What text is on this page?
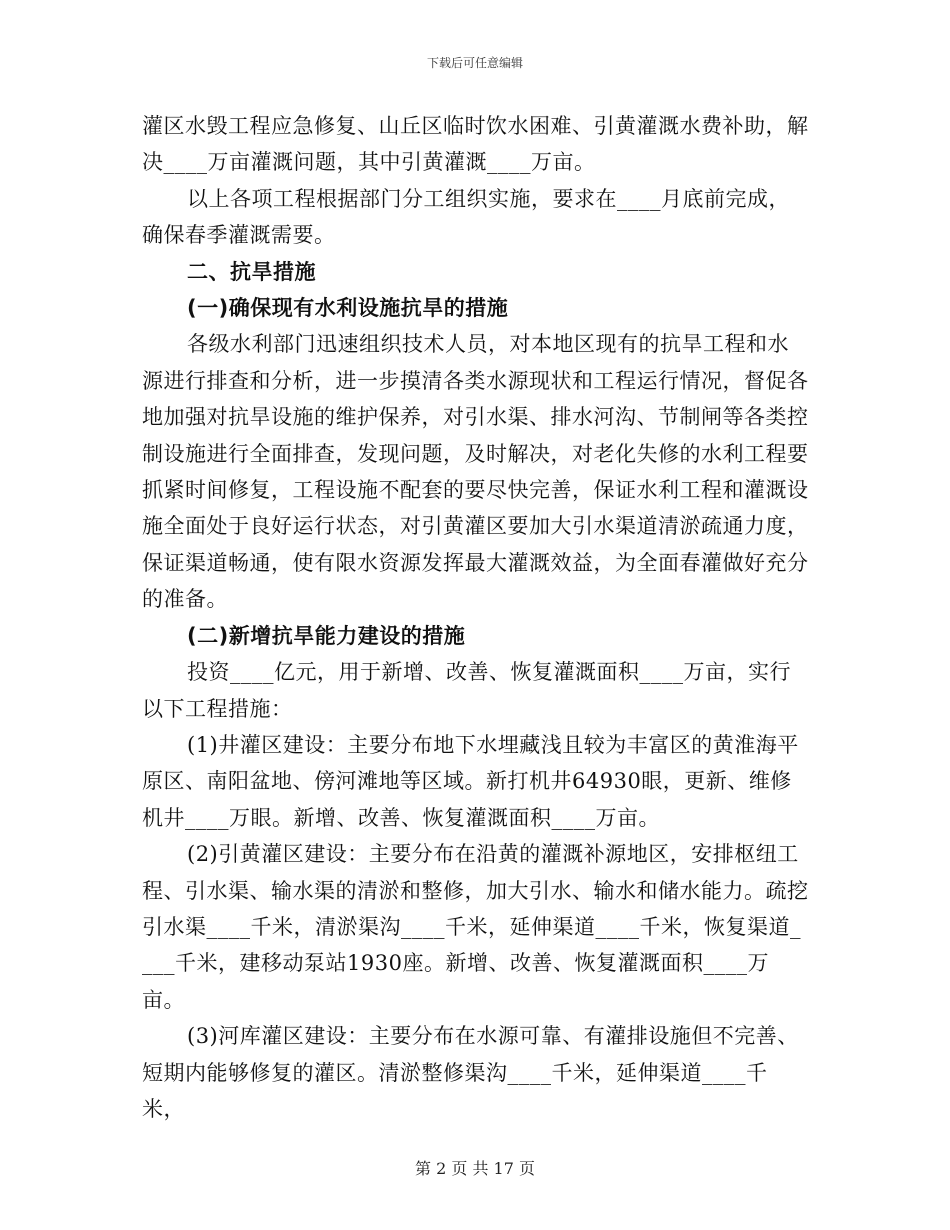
下载后可任意编辑

灌区水毁工程应急修复、山丘区临时饮水困难、引黄灌溉水费补助，解决____万亩灌溉问题，其中引黄灌溉____万亩。

以上各项工程根据部门分工组织实施，要求在____月底前完成，确保春季灌溉需要。

二、抗旱措施

(一)确保现有水利设施抗旱的措施

各级水利部门迅速组织技术人员，对本地区现有的抗旱工程和水源进行排查和分析，进一步摸清各类水源现状和工程运行情况，督促各地加强对抗旱设施的维护保养，对引水渠、排水河沟、节制闸等各类控制设施进行全面排查，发现问题，及时解决，对老化失修的水利工程要抓紧时间修复，工程设施不配套的要尽快完善，保证水利工程和灌溉设施全面处于良好运行状态，对引黄灌区要加大引水渠道清淤疏通力度，保证渠道畅通，使有限水资源发挥最大灌溉效益，为全面春灌做好充分的准备。

(二)新增抗旱能力建设的措施

投资____亿元，用于新增、改善、恢复灌溉面积____万亩，实行以下工程措施：

(1)井灌区建设：主要分布地下水埋藏浅且较为丰富区的黄淮海平原区、南阳盆地、傍河滩地等区域。新打机井64930眼，更新、维修机井____万眼。新增、改善、恢复灌溉面积____万亩。

(2)引黄灌区建设：主要分布在沿黄的灌溉补源地区，安排枢纽工程、引水渠、输水渠的清淤和整修，加大引水、输水和储水能力。疏挖引水渠____千米，清淤渠沟____千米，延伸渠道____千米，恢复渠道____千米，建移动泵站1930座。新增、改善、恢复灌溉面积____万亩。

(3)河库灌区建设：主要分布在水源可靠、有灌排设施但不完善、短期内能够修复的灌区。清淤整修渠沟____千米，延伸渠道____千米，

第 2 页 共 17 页
